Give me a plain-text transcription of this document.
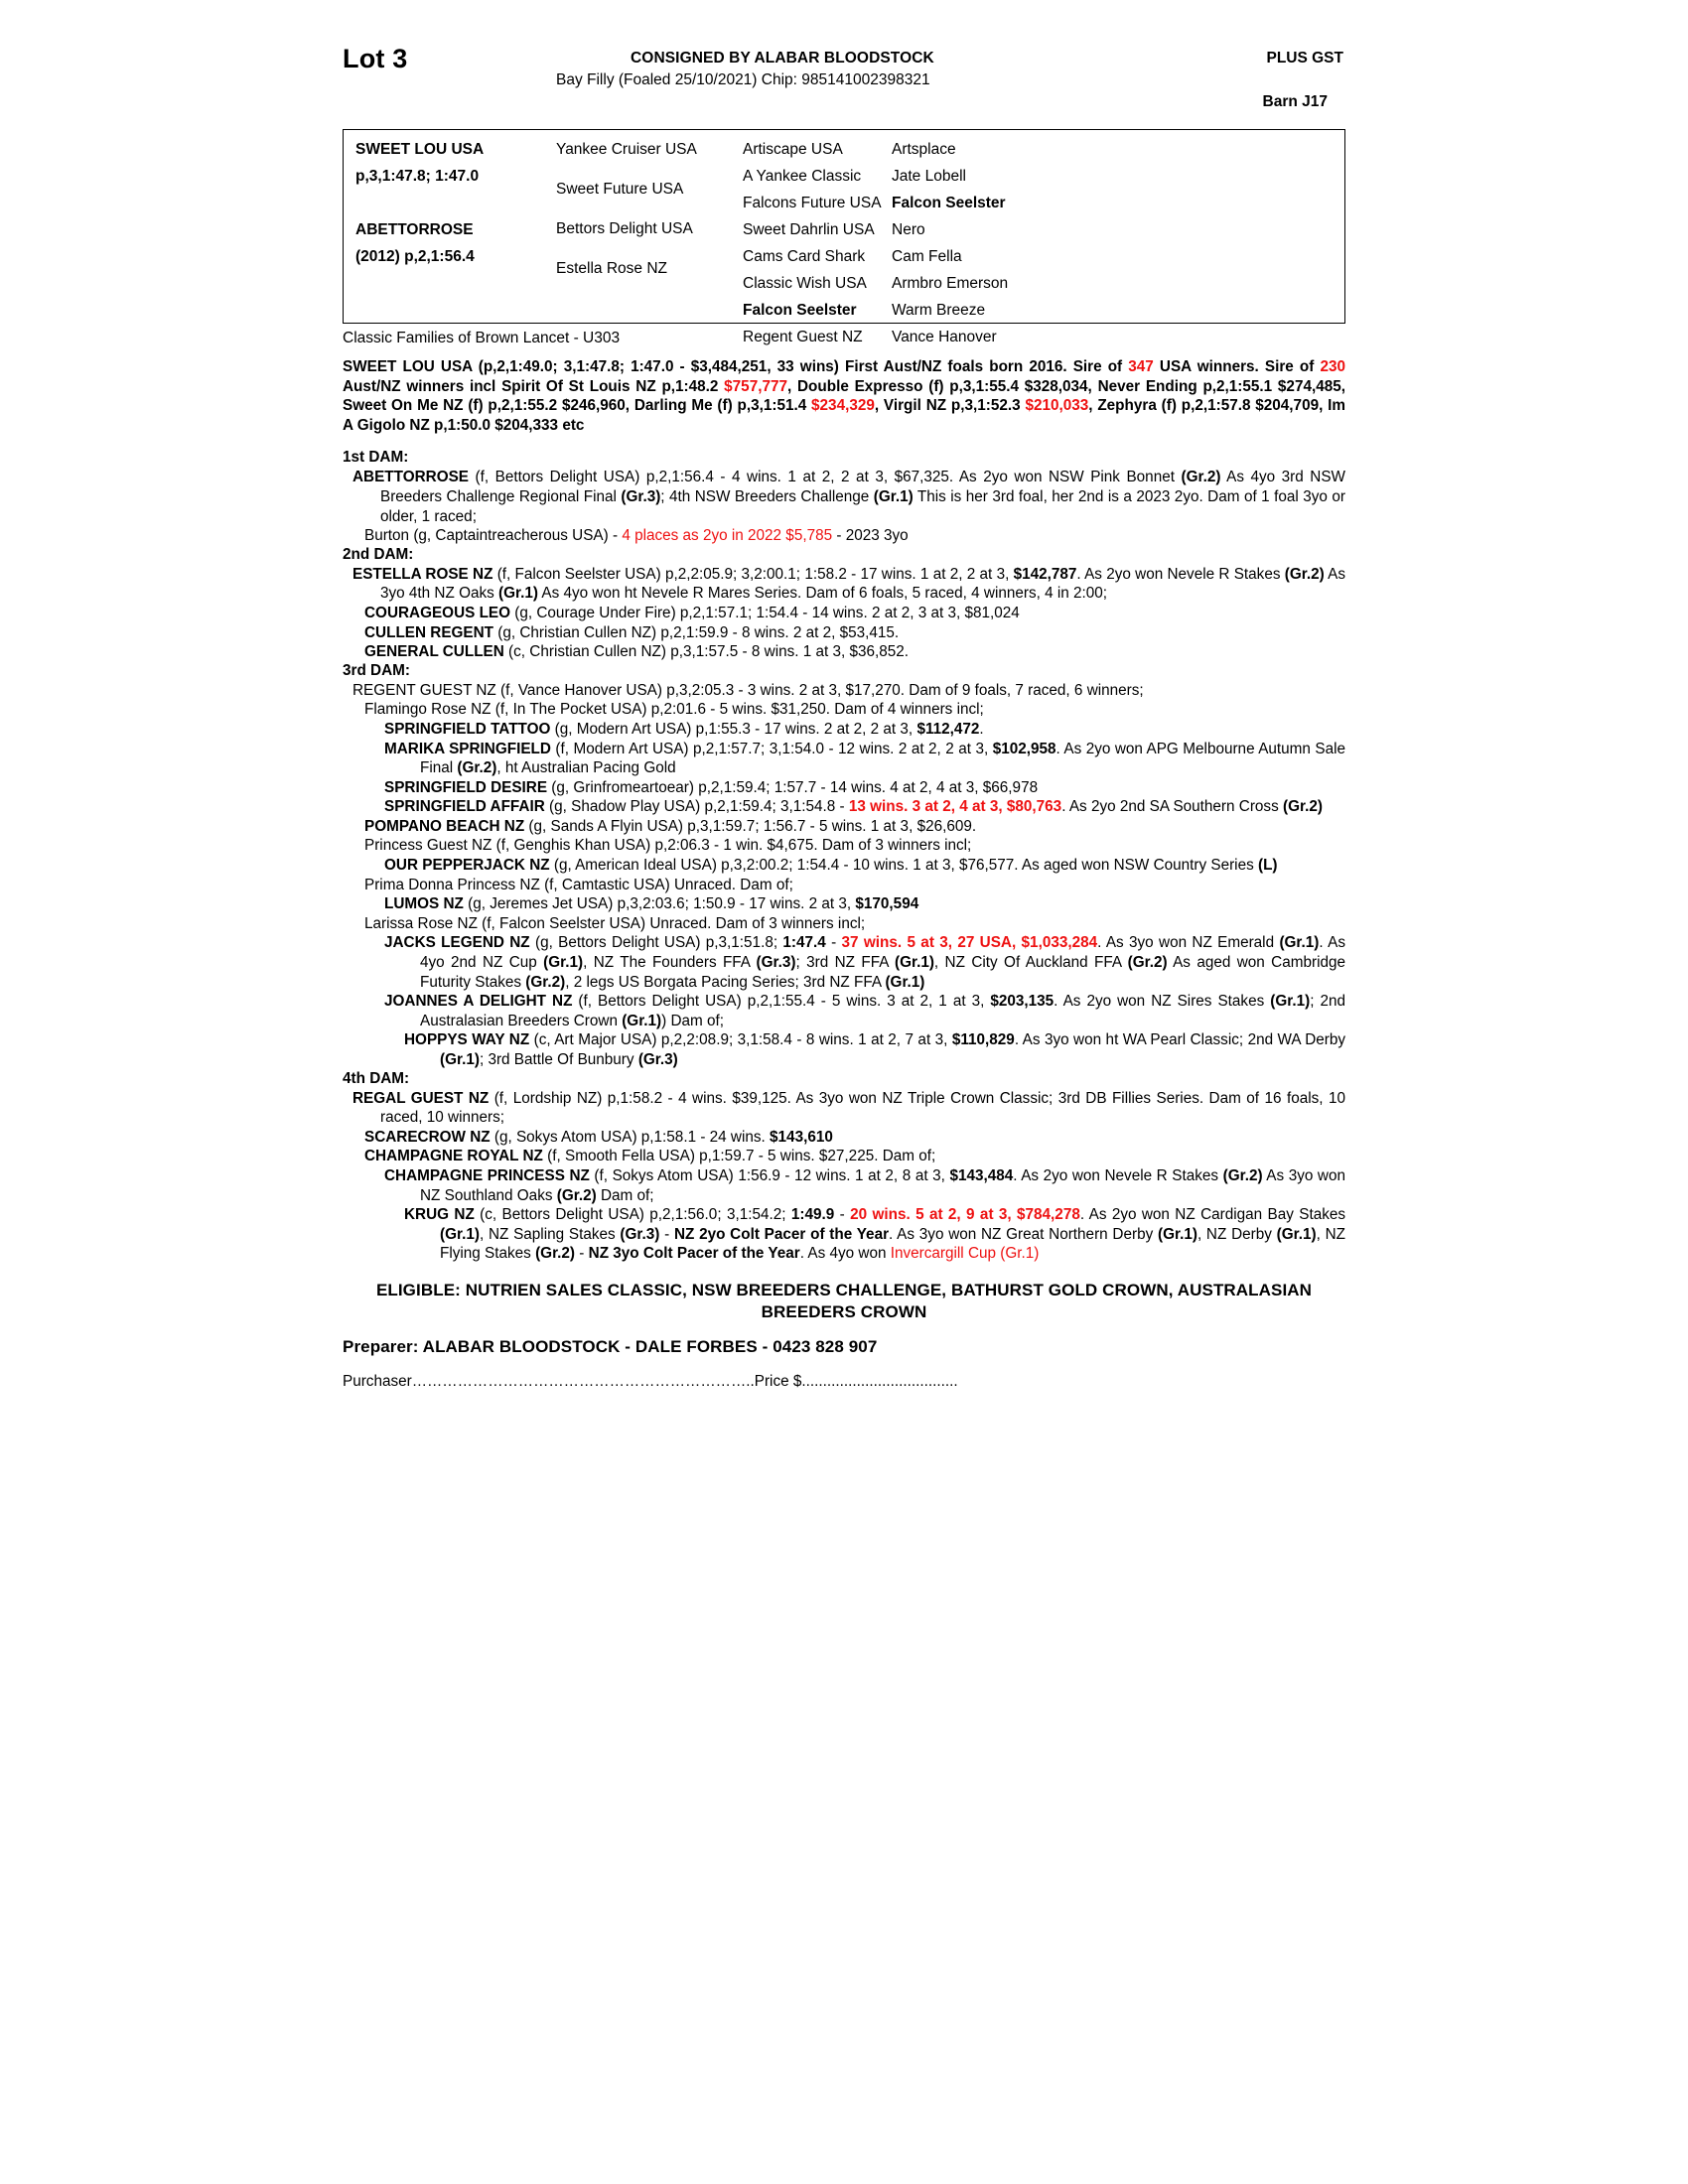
Lot 3	CONSIGNED BY ALABAR BLOODSTOCK	PLUS GST
Bay Filly (Foaled 25/10/2021) Chip: 985141002398321
Barn J17
SWEET LOU USA
p,3,1:47.8; 1:47.0
ABETTORROSE
(2012) p,2,1:56.4
Yankee Cruiser USA
Sweet Future USA
Bettors Delight USA
Estella Rose NZ
Artiscape USA
A Yankee Classic
Falcons Future USA
Sweet Dahrlin USA
Cams Card Shark
Classic Wish USA
Falcon Seelster
Regent Guest NZ
Artsplace
Jate Lobell
Falcon Seelster
Nero
Cam Fella
Armbro Emerson
Warm Breeze
Vance Hanover
Classic Families of Brown Lancet - U303
SWEET LOU USA (p,2,1:49.0; 3,1:47.8; 1:47.0 - $3,484,251, 33 wins) First Aust/NZ foals born 2016. Sire of 347 USA winners. Sire of 230 Aust/NZ winners incl Spirit Of St Louis NZ p,1:48.2 $757,777, Double Expresso (f) p,3,1:55.4 $328,034, Never Ending p,2,1:55.1 $274,485, Sweet On Me NZ (f) p,2,1:55.2 $246,960, Darling Me (f) p,3,1:51.4 $234,329, Virgil NZ p,3,1:52.3 $210,033, Zephyra (f) p,2,1:57.8 $204,709, Im A Gigolo NZ p,1:50.0 $204,333 etc
1st DAM:
ABETTORROSE (f, Bettors Delight USA) p,2,1:56.4 - 4 wins. 1 at 2, 2 at 3, $67,325. As 2yo won NSW Pink Bonnet (Gr.2) As 4yo 3rd NSW Breeders Challenge Regional Final (Gr.3); 4th NSW Breeders Challenge (Gr.1) This is her 3rd foal, her 2nd is a 2023 2yo. Dam of 1 foal 3yo or older, 1 raced;
Burton (g, Captaintreacherous USA) - 4 places as 2yo in 2022 $5,785 - 2023 3yo
2nd DAM:
ESTELLA ROSE NZ (f, Falcon Seelster USA) p,2,2:05.9; 3,2:00.1; 1:58.2 - 17 wins. 1 at 2, 2 at 3, $142,787. As 2yo won Nevele R Stakes (Gr.2) As 3yo 4th NZ Oaks (Gr.1) As 4yo won ht Nevele R Mares Series. Dam of 6 foals, 5 raced, 4 winners, 4 in 2:00;
COURAGEOUS LEO (g, Courage Under Fire) p,2,1:57.1; 1:54.4 - 14 wins. 2 at 2, 3 at 3, $81,024
CULLEN REGENT (g, Christian Cullen NZ) p,2,1:59.9 - 8 wins. 2 at 2, $53,415.
GENERAL CULLEN (c, Christian Cullen NZ) p,3,1:57.5 - 8 wins. 1 at 3, $36,852.
3rd DAM:
REGENT GUEST NZ (f, Vance Hanover USA) p,3,2:05.3 - 3 wins. 2 at 3, $17,270. Dam of 9 foals, 7 raced, 6 winners;
Flamingo Rose NZ (f, In The Pocket USA) p,2:01.6 - 5 wins. $31,250. Dam of 4 winners incl;
SPRINGFIELD TATTOO (g, Modern Art USA) p,1:55.3 - 17 wins. 2 at 2, 2 at 3, $112,472.
MARIKA SPRINGFIELD (f, Modern Art USA) p,2,1:57.7; 3,1:54.0 - 12 wins. 2 at 2, 2 at 3, $102,958. As 2yo won APG Melbourne Autumn Sale Final (Gr.2), ht Australian Pacing Gold
SPRINGFIELD DESIRE (g, Grinfromeartoear) p,2,1:59.4; 1:57.7 - 14 wins. 4 at 2, 4 at 3, $66,978
SPRINGFIELD AFFAIR (g, Shadow Play USA) p,2,1:59.4; 3,1:54.8 - 13 wins. 3 at 2, 4 at 3, $80,763. As 2yo 2nd SA Southern Cross (Gr.2)
POMPANO BEACH NZ (g, Sands A Flyin USA) p,3,1:59.7; 1:56.7 - 5 wins. 1 at 3, $26,609.
Princess Guest NZ (f, Genghis Khan USA) p,2:06.3 - 1 win. $4,675. Dam of 3 winners incl;
OUR PEPPERJACK NZ (g, American Ideal USA) p,3,2:00.2; 1:54.4 - 10 wins. 1 at 3, $76,577. As aged won NSW Country Series (L)
Prima Donna Princess NZ (f, Camtastic USA) Unraced. Dam of;
LUMOS NZ (g, Jeremes Jet USA) p,3,2:03.6; 1:50.9 - 17 wins. 2 at 3, $170,594
Larissa Rose NZ (f, Falcon Seelster USA) Unraced. Dam of 3 winners incl;
JACKS LEGEND NZ (g, Bettors Delight USA) p,3,1:51.8; 1:47.4 - 37 wins. 5 at 3, 27 USA, $1,033,284. As 3yo won NZ Emerald (Gr.1). As 4yo 2nd NZ Cup (Gr.1), NZ The Founders FFA (Gr.3); 3rd NZ FFA (Gr.1), NZ City Of Auckland FFA (Gr.2) As aged won Cambridge Futurity Stakes (Gr.2), 2 legs US Borgata Pacing Series; 3rd NZ FFA (Gr.1)
JOANNES A DELIGHT NZ (f, Bettors Delight USA) p,2,1:55.4 - 5 wins. 3 at 2, 1 at 3, $203,135. As 2yo won NZ Sires Stakes (Gr.1); 2nd Australasian Breeders Crown (Gr.1)) Dam of;
HOPPYS WAY NZ (c, Art Major USA) p,2,2:08.9; 3,1:58.4 - 8 wins. 1 at 2, 7 at 3, $110,829. As 3yo won ht WA Pearl Classic; 2nd WA Derby (Gr.1); 3rd Battle Of Bunbury (Gr.3)
4th DAM:
REGAL GUEST NZ (f, Lordship NZ) p,1:58.2 - 4 wins. $39,125. As 3yo won NZ Triple Crown Classic; 3rd DB Fillies Series. Dam of 16 foals, 10 raced, 10 winners;
SCARECROW NZ (g, Sokys Atom USA) p,1:58.1 - 24 wins. $143,610
CHAMPAGNE ROYAL NZ (f, Smooth Fella USA) p,1:59.7 - 5 wins. $27,225. Dam of;
CHAMPAGNE PRINCESS NZ (f, Sokys Atom USA) 1:56.9 - 12 wins. 1 at 2, 8 at 3, $143,484. As 2yo won Nevele R Stakes (Gr.2) As 3yo won NZ Southland Oaks (Gr.2) Dam of;
KRUG NZ (c, Bettors Delight USA) p,2,1:56.0; 3,1:54.2; 1:49.9 - 20 wins. 5 at 2, 9 at 3, $784,278. As 2yo won NZ Cardigan Bay Stakes (Gr.1), NZ Sapling Stakes (Gr.3) - NZ 2yo Colt Pacer of the Year. As 3yo won NZ Great Northern Derby (Gr.1), NZ Derby (Gr.1), NZ Flying Stakes (Gr.2) - NZ 3yo Colt Pacer of the Year. As 4yo won Invercargill Cup (Gr.1)
ELIGIBLE: NUTRIEN SALES CLASSIC, NSW BREEDERS CHALLENGE, BATHURST GOLD CROWN, AUSTRALASIAN BREEDERS CROWN
Preparer: ALABAR BLOODSTOCK - DALE FORBES - 0423 828 907
Purchaser…………………………………………………………..Price $.....................................
